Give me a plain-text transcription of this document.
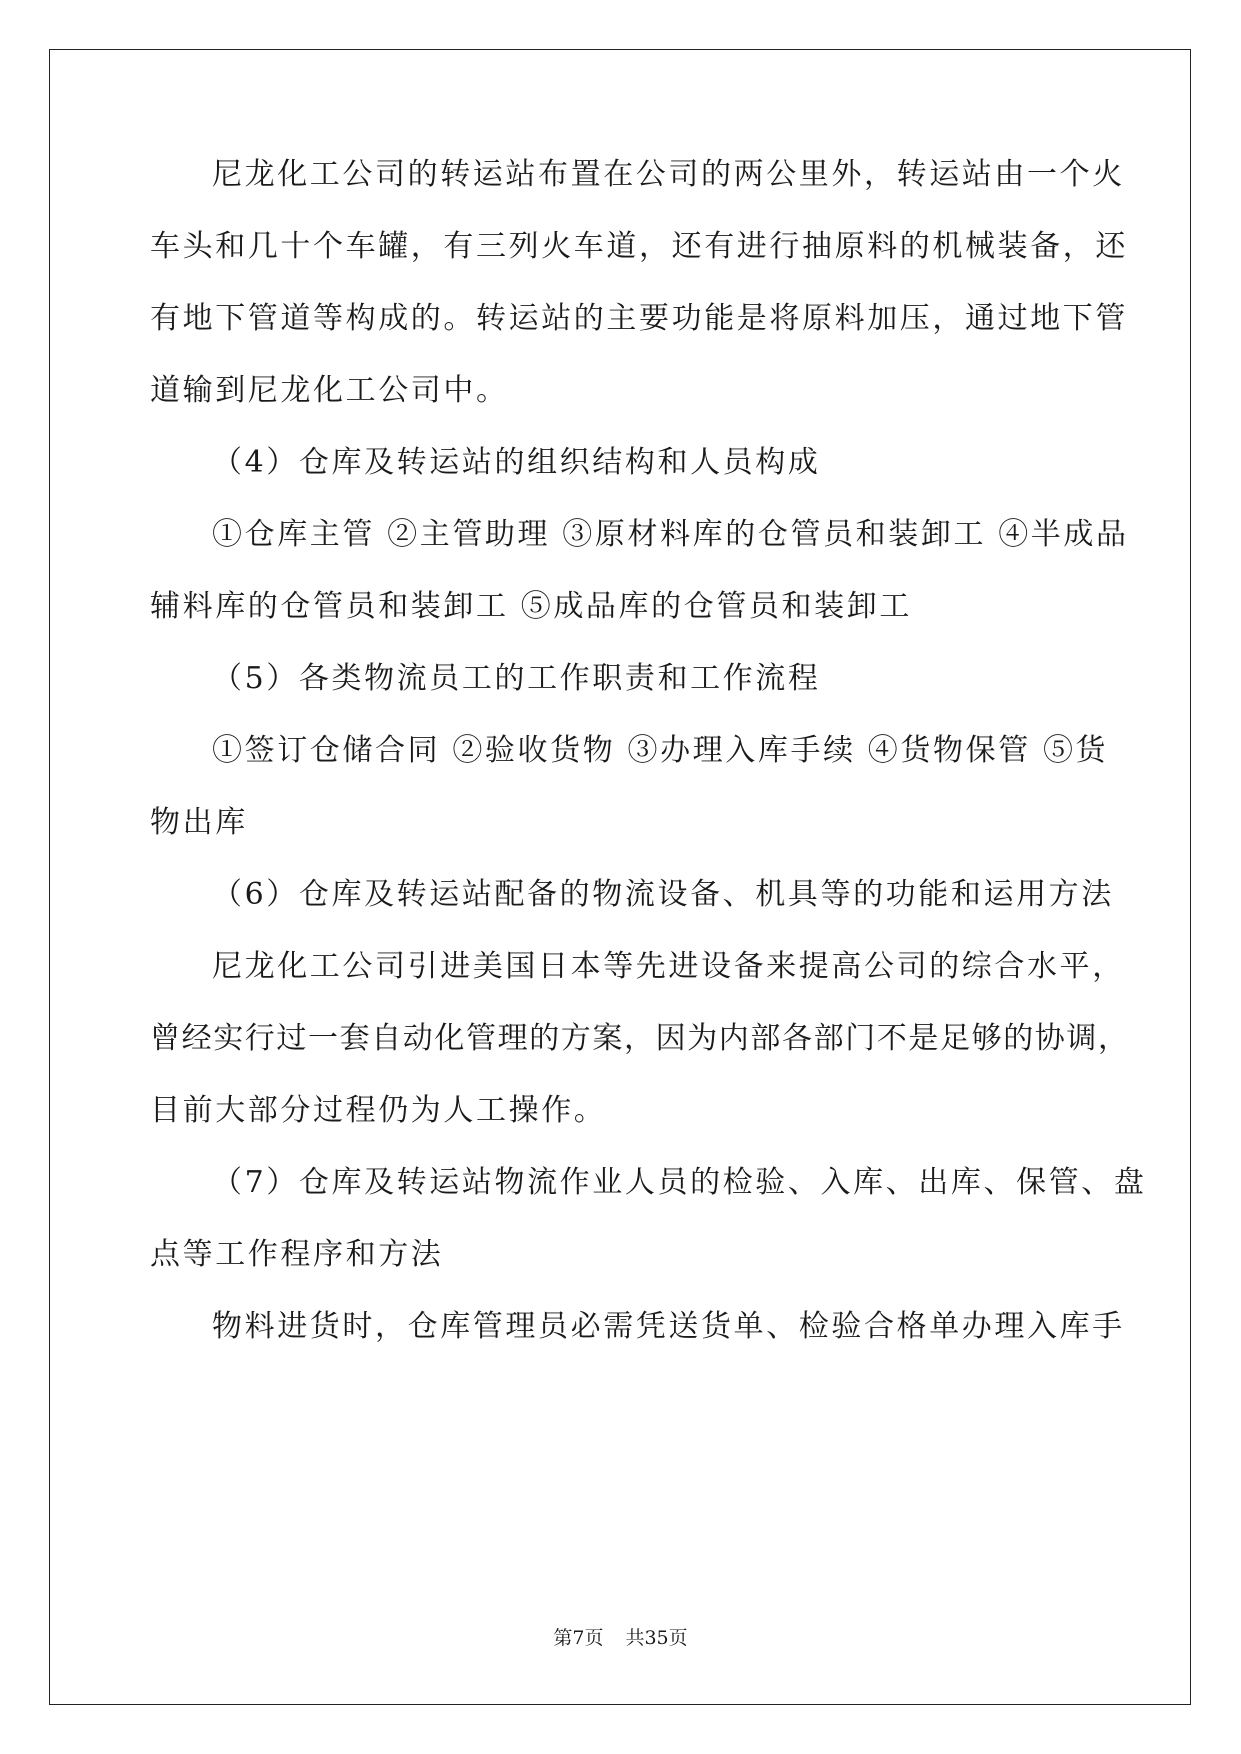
尼龙化工公司的转运站布置在公司的两公里外，转运站由一个火
车头和几十个车罐，有三列火车道，还有进行抽原料的机械装备，还
有地下管道等构成的。转运站的主要功能是将原料加压，通过地下管
道输到尼龙化工公司中。
（4）仓库及转运站的组织结构和人员构成
①仓库主管 ②主管助理 ③原材料库的仓管员和装卸工 ④半成品
辅料库的仓管员和装卸工 ⑤成品库的仓管员和装卸工
（5）各类物流员工的工作职责和工作流程
①签订仓储合同 ②验收货物 ③办理入库手续 ④货物保管 ⑤货
物出库
（6）仓库及转运站配备的物流设备、机具等的功能和运用方法
尼龙化工公司引进美国日本等先进设备来提高公司的综合水平，
曾经实行过一套自动化管理的方案，因为内部各部门不是足够的协调，
目前大部分过程仍为人工操作。
（7）仓库及转运站物流作业人员的检验、入库、出库、保管、盘
点等工作程序和方法
物料进货时，仓库管理员必需凭送货单、检验合格单办理入库手
第7页 共35页
